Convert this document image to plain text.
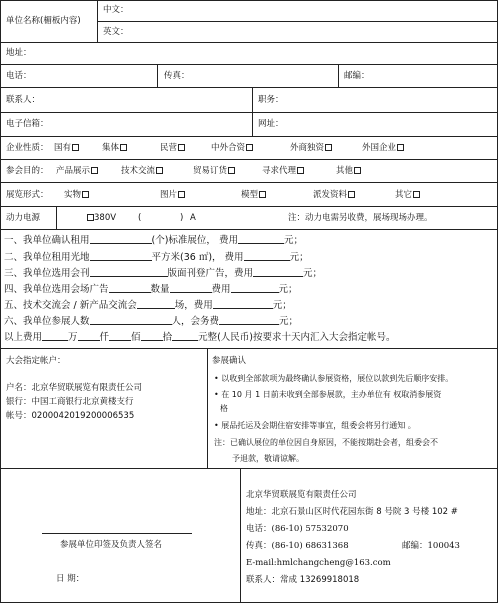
单位名称(楣板内容)
中文：
英文：
地址：
电话：	传真：	邮编：
联系人：	职务：
电子信箱：	网址：
企业性质： 国有	集体	民营	中外合资	外商独资	外国企业
参会目的： 产品展示	技术交流	贸易订货	寻求代理	其他
展览形式： 实物	图片	模型	派发资料	其它
动力电源	380V	(	) A	注：动力电需另收费，展场现场办理。
一、我单位确认租用	(个)标准展位， 费用	元；
二、我单位租用光地	平方米(36 ㎡)， 费用	元；
三、我单位选用会刊	版面刊登广告，费用	元；
四、我单位选用会场广告	数量	费用	元；
五、技术交流会 / 新产品交流会	场，费用	元；
六、我单位参展人数	人，会务费	元；
以上费用	万 仟 佰 拾	元整(人民币)按要求十天内汇入大会指定帐号。
大会指定帐户：
户名：北京华贸联展览有限责任公司
银行：中国工商银行北京黄楼支行
帐号：0200042019200006535
参展确认
• 以收到全部款项为最终确认参展资格，展位以款到先后顺序安排。
• 在 10 月 1 日前未收到全部参展款，主办单位有 权取消参展资
格
• 展品托运及会期住宿安排等事宜，组委会将另行通知 。
注：已确认展位的单位因自身原因，不能按期赴会者，组委会不
予退款，敬请谅解。
参展单位印签及负责人签名
日 期：
北京华贸联展览有限责任公司
地址：北京石景山区时代花园东街 8 号院 3 号楼 102 #
电话：(86-10) 57532070
传真：(86-10) 68631368	邮编：100043
E-mail:hmlchangcheng@163.com
联系人：常成 13269918018
